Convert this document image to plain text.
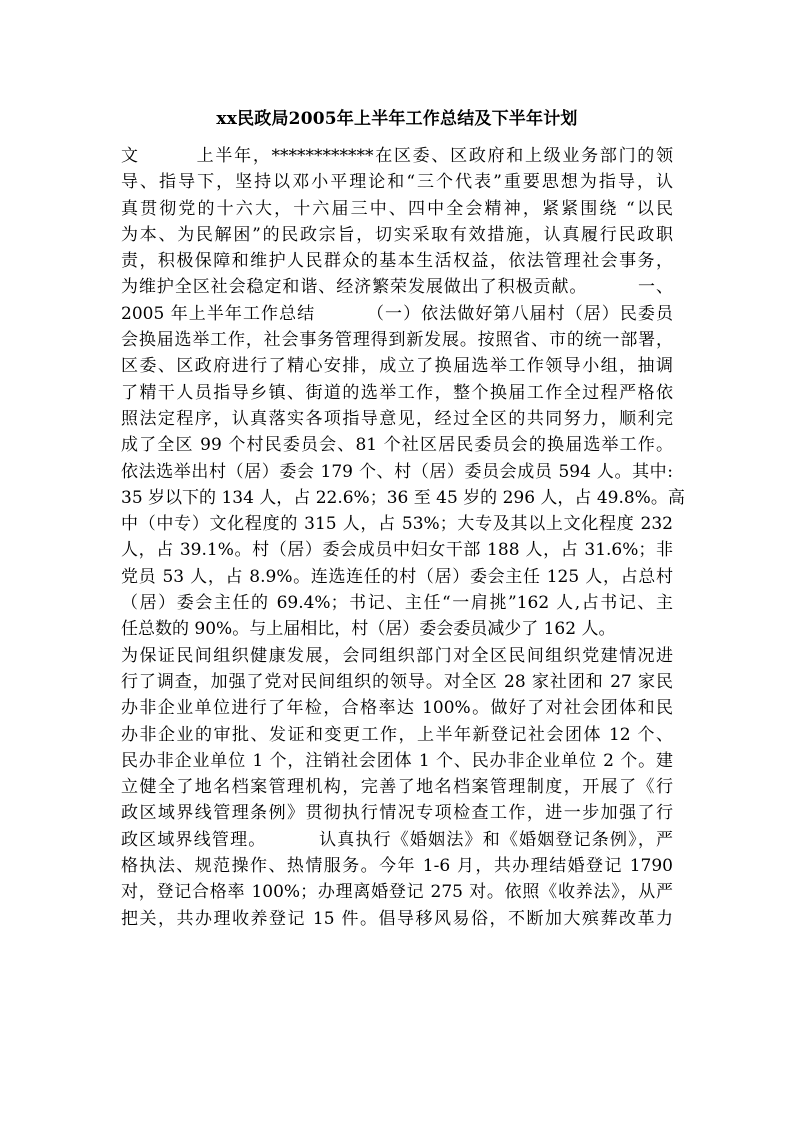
xx民政局2005年上半年工作总结及下半年计划
文        上半年，************在区委、区政府和上级业务部门的领
导、指导下，坚持以邓小平理论和“三个代表”重要思想为指导，认
真贯彻党的十六大，十六届三中、四中全会精神，紧紧围绕 “以民
为本、为民解困”的民政宗旨，切实采取有效措施，认真履行民政职
责，积极保障和维护人民群众的基本生活权益，依法管理社会事务，
为维护全区社会稳定和谐、经济繁荣发展做出了积极贡献。        一、
2005 年上半年工作总结        （一）依法做好第八届村（居）民委员
会换届选举工作，社会事务管理得到新发展。按照省、市的统一部署，
区委、区政府进行了精心安排，成立了换届选举工作领导小组，抽调
了精干人员指导乡镇、街道的选举工作，整个换届工作全过程严格依
照法定程序，认真落实各项指导意见，经过全区的共同努力，顺利完
成了全区 99 个村民委员会、81 个社区居民委员会的换届选举工作。
依法选举出村（居）委会 179 个、村（居）委员会成员 594 人。其中:
35 岁以下的 134 人，占 22.6%；36 至 45 岁的 296 人，占 49.8%。高
中（中专）文化程度的 315 人，占 53%；大专及其以上文化程度 232
人，占 39.1%。村（居）委会成员中妇女干部 188 人，占 31.6%；非
党员 53 人，占 8.9%。连选连任的村（居）委会主任 125 人，占总村
（居）委会主任的 69.4%；书记、主任“一肩挑”162 人,占书记、主
任总数的 90%。与上届相比，村（居）委会委员减少了 162 人。
为保证民间组织健康发展，会同组织部门对全区民间组织党建情况进
行了调查，加强了党对民间组织的领导。对全区 28 家社团和 27 家民
办非企业单位进行了年检，合格率达 100%。做好了对社会团体和民
办非企业的审批、发证和变更工作，上半年新登记社会团体 12 个、
民办非企业单位 1 个，注销社会团体 1 个、民办非企业单位 2 个。建
立健全了地名档案管理机构，完善了地名档案管理制度，开展了《行
政区域界线管理条例》贯彻执行情况专项检查工作，进一步加强了行
政区域界线管理。        认真执行《婚姻法》和《婚姻登记条例》，严
格执法、规范操作、热情服务。今年 1-6 月，共办理结婚登记 1790
对，登记合格率 100%；办理离婚登记 275 对。依照《收养法》，从严
把关，共办理收养登记 15 件。倡导移风易俗，不断加大殡葬改革力
